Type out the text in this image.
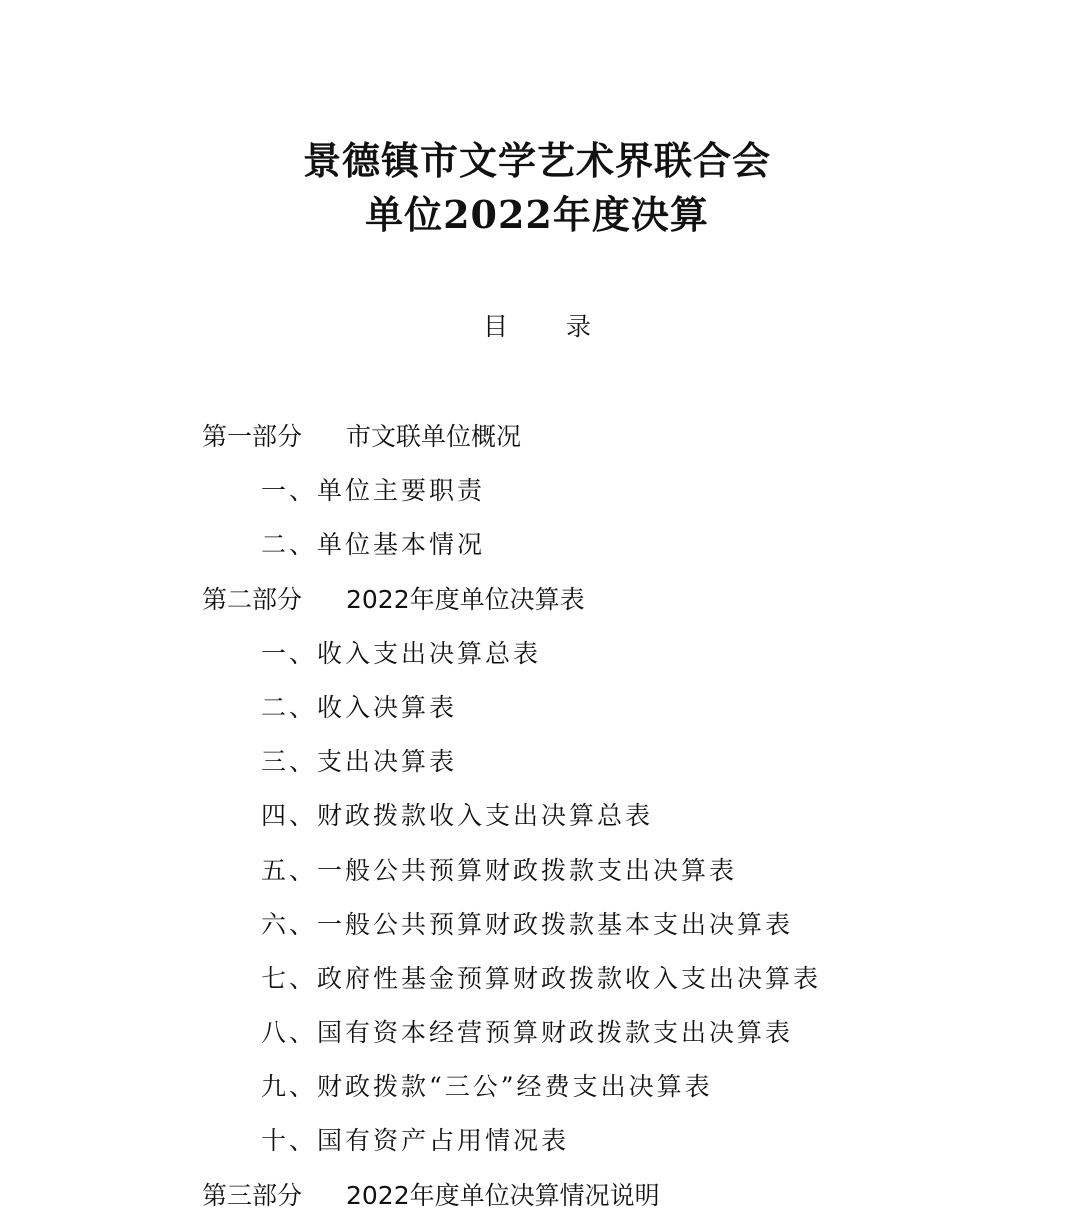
景德镇市文学艺术界联合会
单位2022年度决算
目 录
第一部分 市文联单位概况
一、单位主要职责
二、单位基本情况
第二部分 2022年度单位决算表
一、收入支出决算总表
二、收入决算表
三、支出决算表
四、财政拨款收入支出决算总表
五、一般公共预算财政拨款支出决算表
六、一般公共预算财政拨款基本支出决算表
七、政府性基金预算财政拨款收入支出决算表
八、国有资本经营预算财政拨款支出决算表
九、财政拨款“三公”经费支出决算表
十、国有资产占用情况表
第三部分 2022年度单位决算情况说明
